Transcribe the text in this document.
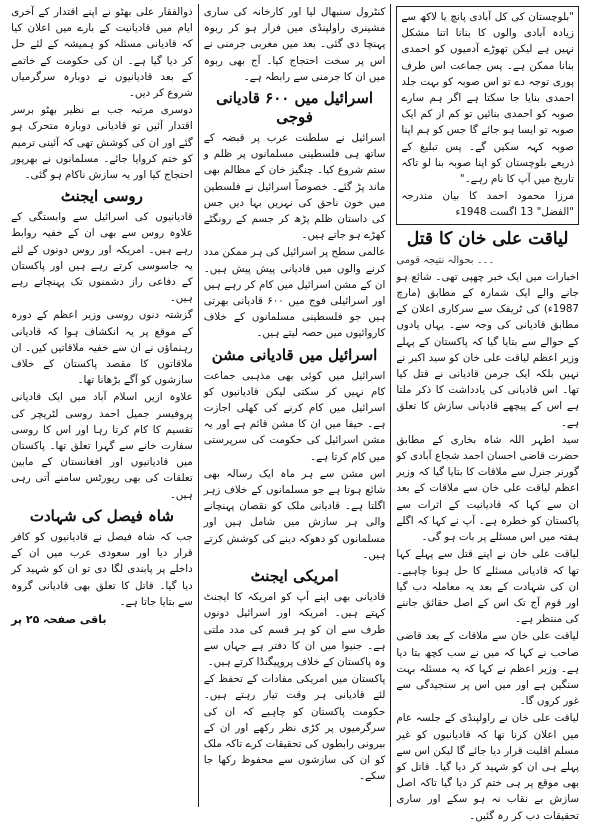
"بلوچستان کی کل آبادی پانچ یا لاکھ سے زیادہ آبادی والوں کا بنانا اتنا مشکل نہیں ہے لیکن تھوڑے آدمیوں کو احمدی بنانا ممکن ہے۔ پس جماعت اس طرف پوری توجہ دے تو اس صوبہ کو بہت جلد احمدی بنایا جا سکتا ہے اگر ہم سارے صوبہ کو احمدی بنائیں تو کم از کم ایک صوبہ تو ایسا ہو جائے گا جس کو ہم اپنا صوبہ کہہ سکیں گے۔ پس تبلیغ کے ذریعے بلوچستان کو اپنا صوبہ بنا لو تاکہ تاریخ میں آپ کا نام رہے۔"

مرزا محمود احمد کا بیان مندرجہ "الفضل" 13 اگست 1948ء

لیاقت علی خان کا قتل
۔۔۔ بحوالہ نتیجہ قومی

اخبارات میں ایک خبر چھپی تھی۔ شائع ہو جانے والے ایک شمارہ کے مطابق (مارچ 1987ء) کی ٹریفک سے سرکاری اعلان کے مطابق قادیانی کی وجہ سے۔ یہاں یادوں کے حوالے سے بتایا گیا کہ پاکستان کے پہلے وزیر اعظم لیاقت علی خان کو سید اکبر نے نہیں بلکہ ایک جرمن قادیانی نے قتل کیا تھا۔ اس قادیانی کی یادداشت کا ذکر ملتا ہے اس کے پیچھے قادیانی سازش کا تعلق ہے۔

سید اطہر اللہ شاہ بخاری کے مطابق حضرت قاضی احسان احمد شجاع آبادی کو گورنر جنرل سے ملاقات کا بتایا گیا کہ وزیر اعظم لیاقت علی خان سے ملاقات کے بعد ان سے کہا کہ قادیانیت کے اثرات سے پاکستان کو خطرہ ہے۔ آپ نے کہا کہ اگلے ہفتہ میں اس مسئلے پر بات ہو گی۔

لیاقت علی خان نے اپنے قتل سے پہلے کہا تھا کہ قادیانی مسئلے کا حل ہونا چاہیے۔ ان کی شہادت کے بعد یہ معاملہ دب گیا اور قوم آج تک اس کے اصل حقائق جاننے کی منتظر ہے۔

لیاقت علی خان سے ملاقات کے بعد قاضی صاحب نے کہا کہ میں نے سب کچھ بتا دیا ہے۔ وزیر اعظم نے کہا کہ یہ مسئلہ بہت سنگین ہے اور میں اس پر سنجیدگی سے غور کروں گا۔

لیاقت علی خان نے راولپنڈی کے جلسہ عام میں اعلان کرنا تھا کہ قادیانیوں کو غیر مسلم اقلیت قرار دیا جائے گا لیکن اس سے پہلے ہی ان کو شہید کر دیا گیا۔ قاتل کو بھی موقع پر ہی ختم کر دیا گیا تاکہ اصل سازش بے نقاب نہ ہو سکے اور ساری تحقیقات دب کر رہ گئیں۔

کنٹرول سنبھال لیا اور کارخانہ کی ساری مشینری راولپنڈی میں فرار ہو کر ربوہ پہنچا دی گئی۔ بعد میں مغربی جرمنی نے اس پر سخت احتجاج کیا۔ آج بھی ربوہ میں ان کا جرمنی سے رابطہ ہے۔

اسرائیل میں ۶۰۰ قادیانی فوجی

اسرائیل نے سلطنت عرب پر قبضہ کے ساتھ ہی فلسطینی مسلمانوں پر ظلم و ستم شروع کیا۔ چنگیز خان کے مظالم بھی ماند پڑ گئے۔ خصوصاً اسرائیل نے فلسطین میں خون ناحق کی نہریں بہا دیں جس کی داستان ظلم پڑھ کر جسم کے رونگٹے کھڑے ہو جاتے ہیں۔

عالمی سطح پر اسرائیل کی ہر ممکن مدد کرنے والوں میں قادیانی پیش پیش ہیں۔ ان کے مشن اسرائیل میں کام کر رہے ہیں اور اسرائیلی فوج میں ۶۰۰ قادیانی بھرتی ہیں جو فلسطینی مسلمانوں کے خلاف کاروائیوں میں حصہ لیتے ہیں۔

اسرائیل میں قادیانی مشن

اسرائیل میں کوئی بھی مذہبی جماعت کام نہیں کر سکتی لیکن قادیانیوں کو اسرائیل میں کام کرنے کی کھلی اجازت ہے۔ حیفا میں ان کا مشن قائم ہے اور یہ مشن اسرائیل کی حکومت کی سرپرستی میں کام کرتا ہے۔

اس مشن سے ہر ماہ ایک رسالہ بھی شائع ہوتا ہے جو مسلمانوں کے خلاف زہر اگلتا ہے۔ قادیانی ملک کو نقصان پہنچانے والی ہر سازش میں شامل ہیں اور مسلمانوں کو دھوکہ دینے کی کوشش کرتے ہیں۔

امریکی ایجنٹ

قادیانی بھی اپنے آپ کو امریکہ کا ایجنٹ کہتے ہیں۔ امریکہ اور اسرائیل دونوں طرف سے ان کو ہر قسم کی مدد ملتی ہے۔ جنیوا میں ان کا دفتر ہے جہاں سے وہ پاکستان کے خلاف پروپیگنڈا کرتے ہیں۔

پاکستان میں امریکی مفادات کے تحفظ کے لئے قادیانی ہر وقت تیار رہتے ہیں۔ حکومت پاکستان کو چاہیے کہ ان کی سرگرمیوں پر کڑی نظر رکھے اور ان کے بیرونی رابطوں کی تحقیقات کرے تاکہ ملک کو ان کی سازشوں سے محفوظ رکھا جا سکے۔

ذوالفقار علی بھٹو نے اپنے اقتدار کے آخری ایام میں قادیانیت کے بارے میں اعلان کیا کہ قادیانی مسئلہ کو ہمیشہ کے لئے حل کر دیا گیا ہے۔ ان کی حکومت کے خاتمے کے بعد قادیانیوں نے دوبارہ سرگرمیاں شروع کر دیں۔

دوسری مرتبہ جب بے نظیر بھٹو برسر اقتدار آئیں تو قادیانی دوبارہ متحرک ہو گئے اور ان کی کوشش تھی کہ آئینی ترمیم کو ختم کروایا جائے۔ مسلمانوں نے بھرپور احتجاج کیا اور یہ سازش ناکام ہو گئی۔

روسی ایجنٹ

قادیانیوں کی اسرائیل سے وابستگی کے علاوہ روس سے بھی ان کے خفیہ روابط رہے ہیں۔ امریکہ اور روس دونوں کے لئے یہ جاسوسی کرتے رہے ہیں اور پاکستان کے دفاعی راز دشمنوں تک پہنچاتے رہے ہیں۔

گزشتہ دنوں روسی وزیر اعظم کے دورہ کے موقع پر یہ انکشاف ہوا کہ قادیانی رہنماؤں نے ان سے خفیہ ملاقاتیں کیں۔ ان ملاقاتوں کا مقصد پاکستان کے خلاف سازشوں کو آگے بڑھانا تھا۔

علاوہ ازیں اسلام آباد میں ایک قادیانی پروفیسر جمیل احمد روسی لٹریچر کی تقسیم کا کام کرتا رہا اور اس کا روسی سفارت خانے سے گہرا تعلق تھا۔ پاکستان میں قادیانیوں اور افغانستان کے مابین تعلقات کی بھی رپورٹس سامنے آتی رہی ہیں۔

شاہ فیصل کی شہادت

جب کہ شاہ فیصل نے قادیانیوں کو کافر قرار دیا اور سعودی عرب میں ان کے داخلے پر پابندی لگا دی تو ان کو شہید کر دیا گیا۔ قاتل کا تعلق بھی قادیانی گروہ سے بتایا جاتا ہے۔

باقی صفحہ ۲۵ پر
